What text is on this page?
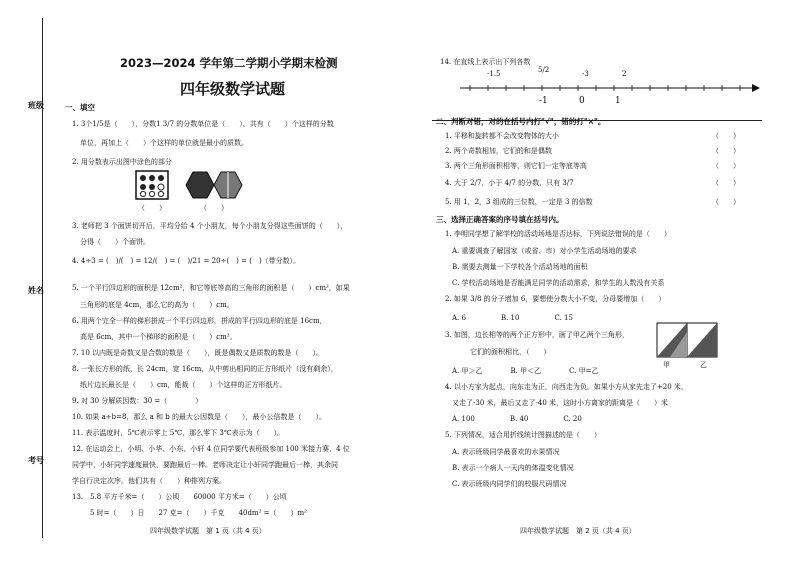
班级
姓名
考号
2023—2024 学年第二学期小学期末检测
四年级数学试题
一、填空
1. 3个1/5是（　　），分数1 3/7 的分数单位是（　　），共有（　　）个这样的分数
单位，再加上（　　）个这样的单位就是最小的质数。
2. 用分数表示出图中涂色的部分
（　　）	（　　）
3. 老师把 3 个面饼切开后，平均分给 4 个小朋友，每个小朋友分得这些面饼的（　　），
分得（　　）个面饼。
4. 4÷3 = (　)/(　) = 12/(　) = (　)/21 = 20÷(　) = (　)（带分数）。
5. 一个平行四边形的面积是 12cm²，和它等底等高的三角形的面积是（　　）cm²，如果
三角形的底是 4cm，那么它的高为（　　）cm。
6. 用两个完全一样的梯形拼成一个平行四边形，拼成的平行四边形的底是 16cm，
高是 6cm，其中一个梯形的面积是（　　）cm²。
7. 10 以内既是奇数又是合数的数是（　　），既是偶数又是质数的数是（　　）。
8. 一张长方形的纸，长 24cm，宽 16cm，从中剪出相同的正方形纸片（没有剩余），
纸片边长最长是（　　）cm，能裁（　　）个这样的正方形纸片。
9. 对 30 分解质因数：30 =（　　　　）
10. 如果 a÷b=8，那么 a 和 b 的最大公因数是（　　），最小公倍数是（　　）。
11. 表示温度时，5℃表示零上 5℃，那么零下 3℃表示为（　　）。
12. 在运动会上，小明、小华、小东、小轩 4 位同学要代表班级参加 100 米接力赛，4 位
同学中，小轩同学速度最快，要跑最后一棒。老师决定让小轩同学跑最后一棒，其余同
学自行决定次序。他们共有（　　）种排列方案。
13.　5.8 平方千米=（　　）公顷　　60000 平方米=（　　）公顷
5 时=（　　）日　　27 克=（　　）千克　　40dm² =（　　）m²
四年级数学试题　第 1 页（共 4 页）
14. 在直线上表示出下列各数
-1.5	5/2	-3	2
-1	0	1
二、判断对错，对的在括号内打"√"，错的打"×"。
1. 平移和旋转都不会改变物体的大小	（　　）
2. 两个奇数相加，它们的和是偶数	（　　）
3. 两个三角形面积相等，则它们一定等底等高	（　　）
4. 大于 2/7，小于 4/7 的分数，只有 3/7	（　　）
5. 用 1，2，3 组成的三位数，一定是 3 的倍数	（　　）
三、选择正确答案的序号填在括号内。
1. 李明同学想了解学校的活动场地是否达标，下列说法错误的是（　　）
A. 重要调查了解国家（或省、市）对小学生活动场地的要求
B. 需要去测量一下学校各个活动场地的面积
C. 学校活动场地是否能满足同学的活动需求，和学生的人数没有关系
2. 如果 3/8 的分子增加 6，要想使分数大小不变，分母要增加（　　）
A. 6　　　　　B. 10　　　　　C. 15
3. 如图，边长相等的两个正方形中，画了甲乙两个三角形，
它们的面积相比，（　　）
甲	乙
A. 甲＞乙　　　　B. 甲＜乙　　　　C. 甲=乙
4. 以小方家为起点，向东走为正，向西走为负。如果小方从家先走了+20 米，
又走了-30 米，最后又走了-40 米，这时小方离家的距离是（　　）米
A. 100　　　　　B. 40　　　　　C. 20
5. 下列情况，适合用折线统计图描述的是（　　）
A. 表示班级同学最喜欢的水果情况
B. 表示一个病人一天内的体温变化情况
C. 表示班级内同学们的校服尺码情况
四年级数学试题　第 2 页（共 4 页）
